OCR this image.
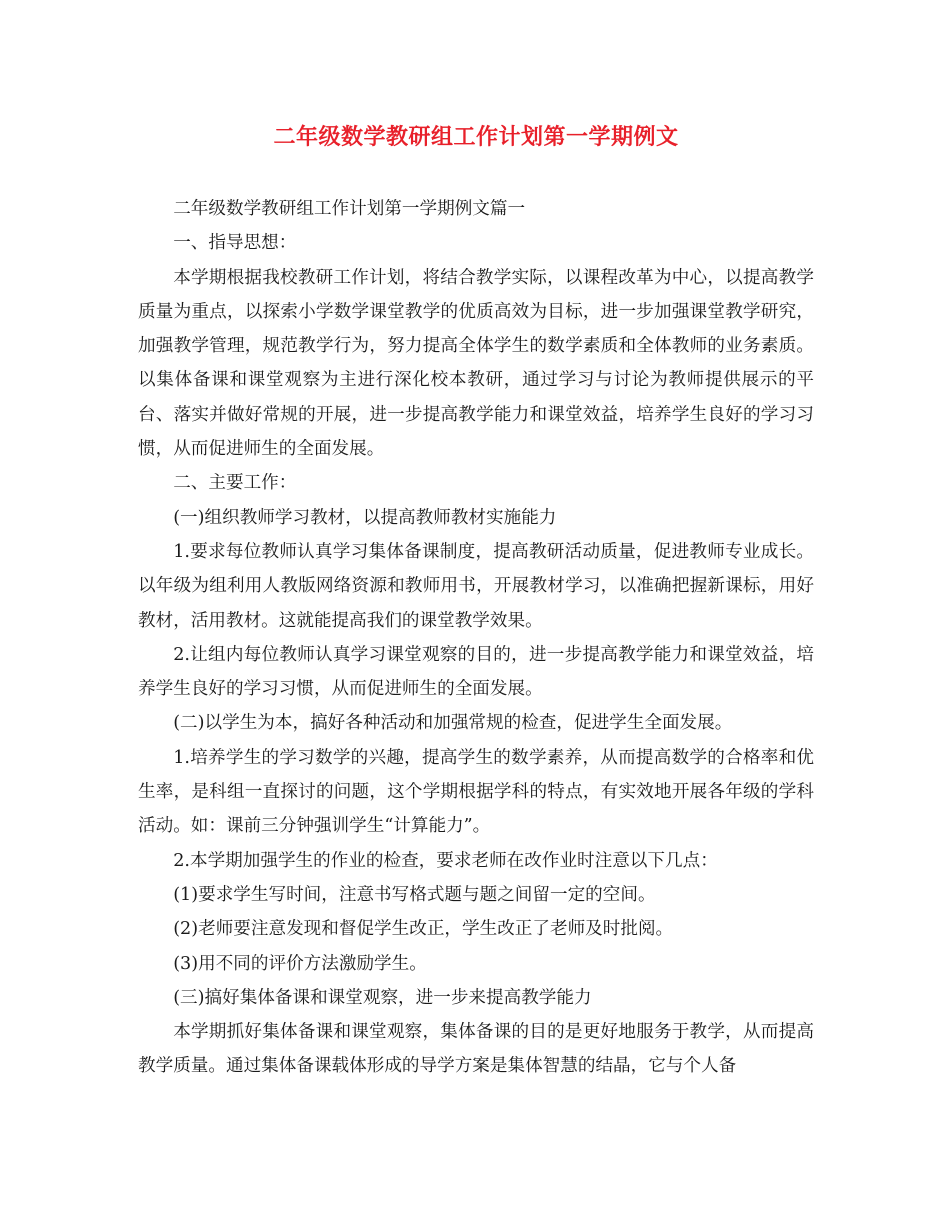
二年级数学教研组工作计划第一学期例文

二年级数学教研组工作计划第一学期例文篇一

一、指导思想：

本学期根据我校教研工作计划，将结合教学实际，以课程改革为中心，以提高教学质量为重点，以探索小学数学课堂教学的优质高效为目标，进一步加强课堂教学研究，加强教学管理，规范教学行为，努力提高全体学生的数学素质和全体教师的业务素质。以集体备课和课堂观察为主进行深化校本教研，通过学习与讨论为教师提供展示的平台、落实并做好常规的开展，进一步提高教学能力和课堂效益，培养学生良好的学习习惯，从而促进师生的全面发展。

二、主要工作：

(一)组织教师学习教材，以提高教师教材实施能力

1.要求每位教师认真学习集体备课制度，提高教研活动质量，促进教师专业成长。以年级为组利用人教版网络资源和教师用书，开展教材学习，以准确把握新课标，用好教材，活用教材。这就能提高我们的课堂教学效果。

2.让组内每位教师认真学习课堂观察的目的，进一步提高教学能力和课堂效益，培养学生良好的学习习惯，从而促进师生的全面发展。

(二)以学生为本，搞好各种活动和加强常规的检查，促进学生全面发展。

1.培养学生的学习数学的兴趣，提高学生的数学素养，从而提高数学的合格率和优生率，是科组一直探讨的问题，这个学期根据学科的特点，有实效地开展各年级的学科活动。如：课前三分钟强训学生“计算能力”。

2.本学期加强学生的作业的检查，要求老师在改作业时注意以下几点：

(1)要求学生写时间，注意书写格式题与题之间留一定的空间。

(2)老师要注意发现和督促学生改正，学生改正了老师及时批阅。

(3)用不同的评价方法激励学生。

(三)搞好集体备课和课堂观察，进一步来提高教学能力

本学期抓好集体备课和课堂观察，集体备课的目的是更好地服务于教学，从而提高教学质量。通过集体备课载体形成的导学方案是集体智慧的结晶，它与个人备
